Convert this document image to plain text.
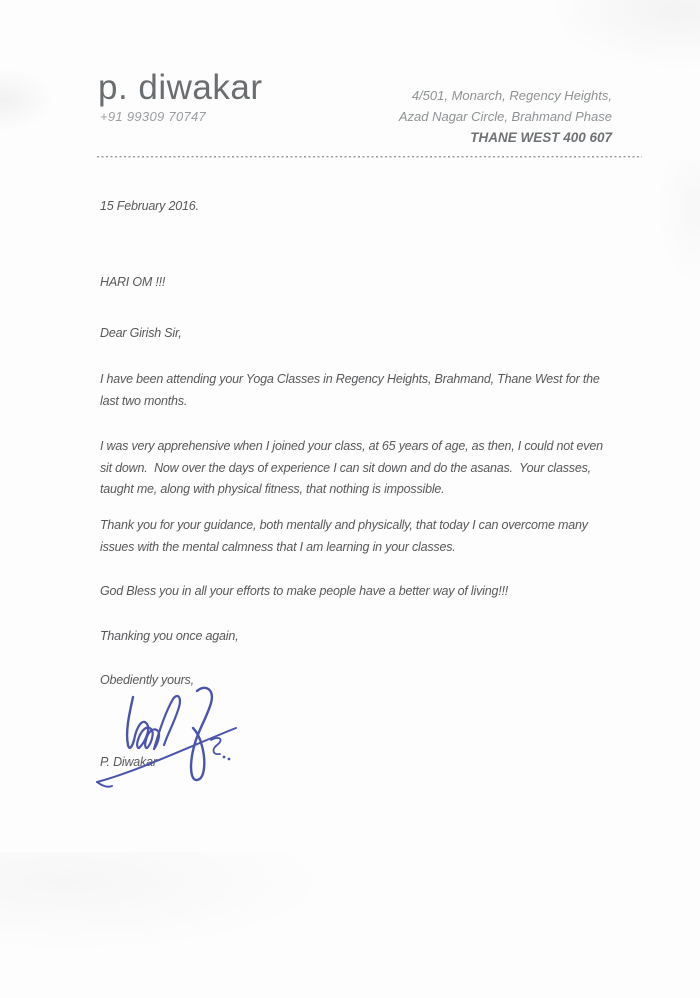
p. diwakar
+91 99309 70747
4/501, Monarch, Regency Heights,
Azad Nagar Circle, Brahmand Phase
THANE WEST 400 607
15 February 2016.
HARI OM !!!
Dear Girish Sir,
I have been attending your Yoga Classes in Regency Heights, Brahmand, Thane West for the last two months.
I was very apprehensive when I joined your class, at 65 years of age, as then, I could not even sit down.  Now over the days of experience I can sit down and do the asanas.  Your classes,  taught me, along with physical fitness, that nothing is impossible.
Thank you for your guidance, both mentally and physically, that today I can overcome many issues with the mental calmness that I am learning in your classes.
God Bless you in all your efforts to make people have a better way of living!!!
Thanking you once again,
Obediently yours,
P. Diwakar
